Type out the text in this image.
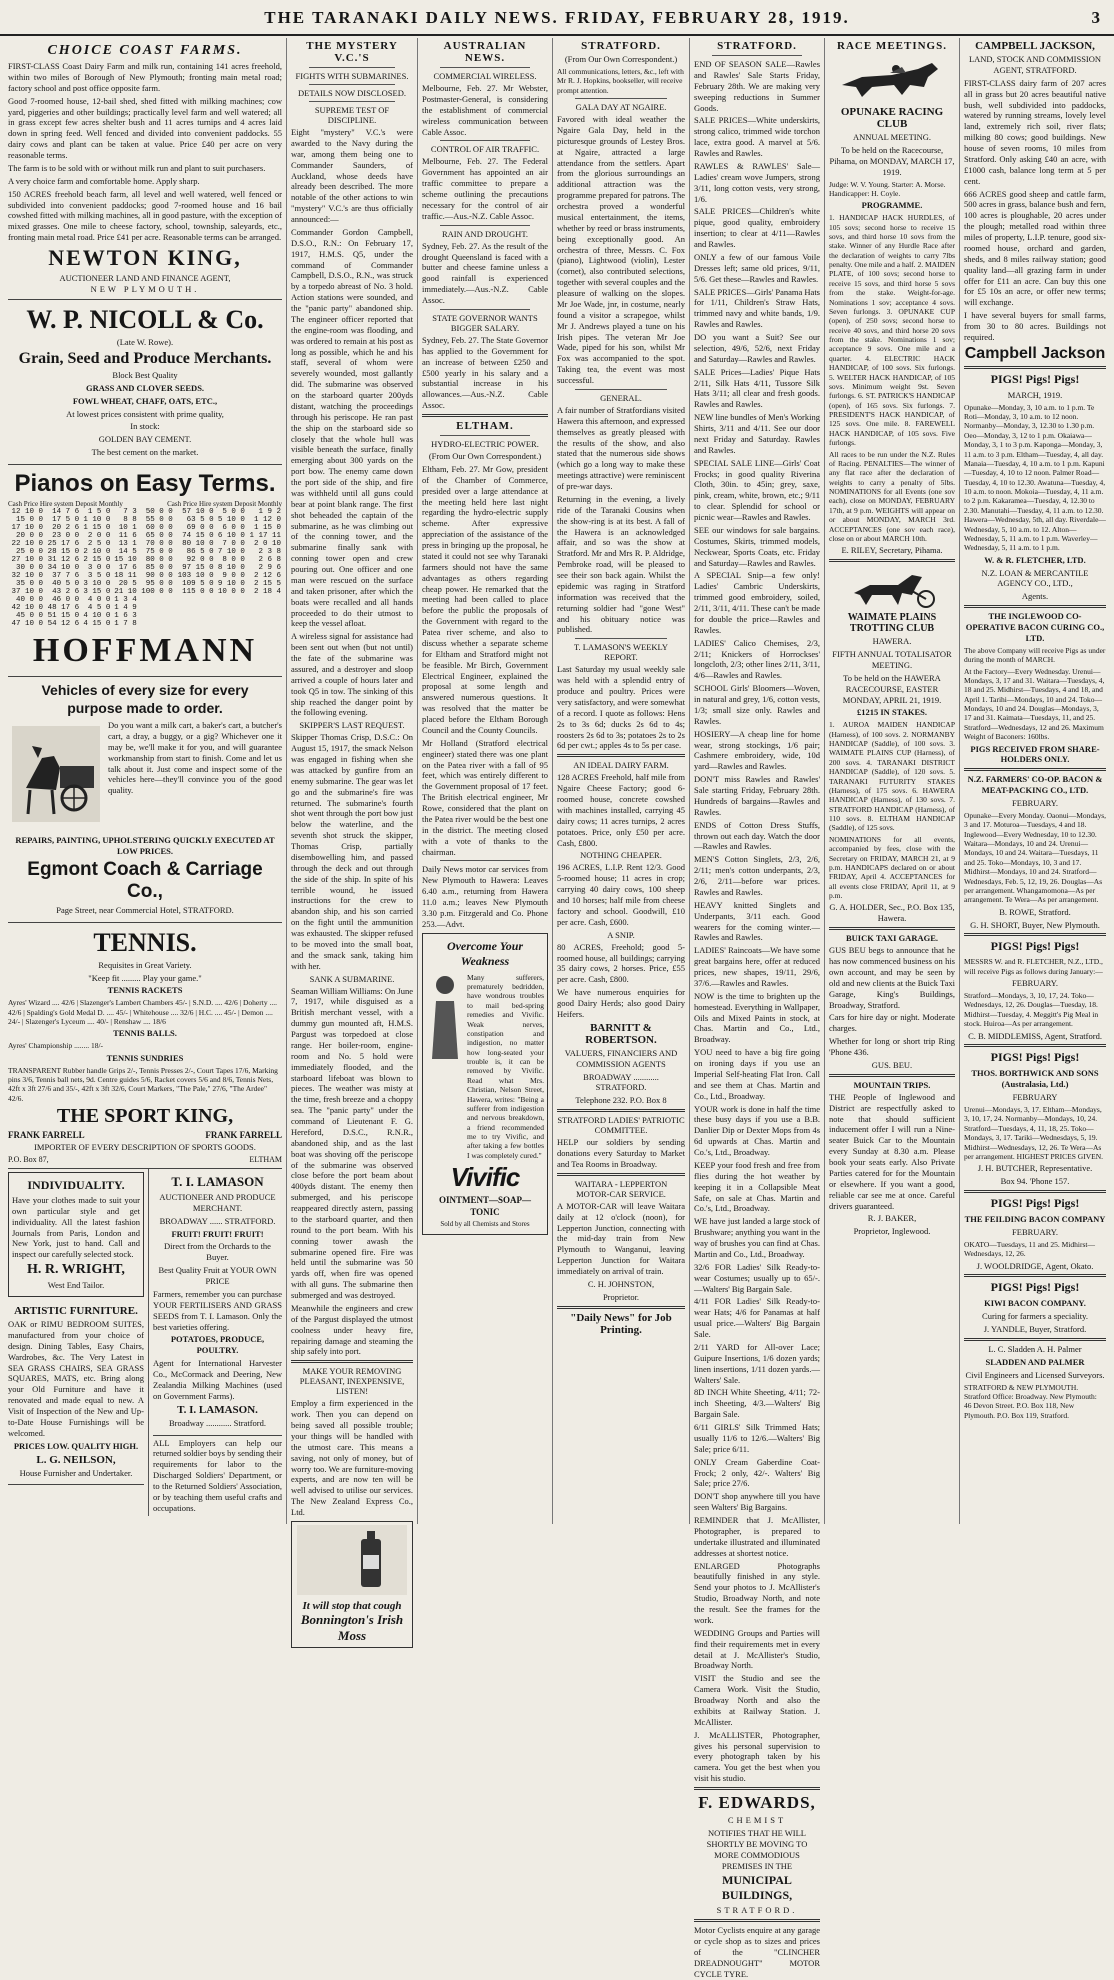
THE TARANAKI DAILY NEWS. FRIDAY, FEBRUARY 28, 1919.	3
CHOICE COAST FARMS.

FIRST-CLASS Coast Dairy Farm and milk run, containing 141 acres freehold, within two miles of Borough of New Plymouth; fronting main metal road; factory school and post office opposite farm.

Good 7-roomed house, 12-bail shed, shed fitted with milking machines; cow yard, piggeries and other buildings; practically level farm and well watered; all in grass except few acres shelter bush and 11 acres turnips and 4 acres laid down in spring feed. Well fenced and divided into convenient paddocks. 55 dairy cows and plant can be taken at value. Price £40 per acre on very reasonable terms.

The farm is to be sold with or without milk run and plant to suit purchasers.

A very choice farm and comfortable home. Apply sharp.

150 ACRES freehold beach farm, all level and well watered, well fenced or subdivided into convenient paddocks; good 7-roomed house and 16 bail cowshed fitted with milking machines, all in good pasture, with the exception of mixed grasses. One mile to cheese factory, school, township, saleyards, etc., fronting main metal road. Price £41 per acre. Reasonable terms can be arranged.

NEWTON KING,
AUCTIONEER LAND AND FINANCE AGENT,
NEW PLYMOUTH.
W. P. NICOLL & Co.
(Late W. Rowe).
Grain, Seed and Produce Merchants.
Block Best Quality
GRASS AND CLOVER SEEDS.
FOWL WHEAT, CHAFF, OATS, ETC.,
At lowest prices consistent with prime quality,
In stock:
GOLDEN BAY CEMENT.
The best cement on the market.
Pianos on Easy Terms.
Cash Price Hire system Deposit Monthly	Cash Price Hire system Deposit Monthly
12 10 0	14 7 6	1 5 0	7 3	50 0 0	57 10 0	5 0 0	1 9 2
15 0 0	17 5 0	1 10 0	8 8	55 0 0	63 5 0	5 10 0	1 12 0
17 10 0	20 2 6	1 15 0	10 1	60 0 0	69 0 0	6 0 0	1 15 0
20 0 0	23 0 0	2 0 0	11 6	65 0 0	74 15 0	6 10 0	1 17 11
22 10 0	25 17 6	2 5 0	13 1	70 0 0	80 10 0	7 0 0	2 0 10
25 0 0	28 15 0	2 10 0	14 5	75 0 0	86 5 0	7 10 0	2 3 8
27 10 0	31 12 6	2 15 0	15 10	80 0 0	92 0 0	8 0 0	2 6 8
30 0 0	34 10 0	3 0 0	17 6	85 0 0	97 15 0	8 10 0	2 9 6
32 10 0	37 7 6	3 5 0	18 11	90 0 0	103 10 0	9 0 0	2 12 6
35 0 0	40 5 0	3 10 0	20 5	95 0 0	109 5 0	9 10 0	2 15 5
37 10 0	43 2 6	3 15 0	21 10	100 0 0	115 0 0	10 0 0	2 18 4
40 0 0	46 0 0	4 0 0	1 3 4				
42 10 0	48 17 6	4 5 0	1 4 9				
45 0 0	51 15 0	4 10 0	1 6 3				
47 10 0	54 12 6	4 15 0	1 7 8				
HOFFMANN
Vehicles of every size for every
purpose made to order.

Do you want a milk cart, a baker's cart, a butcher's cart, a dray, a buggy, or a gig? Whichever one it may be, we'll make it for you, and will guarantee workmanship from start to finish. Come and let us talk about it. Just come and inspect some of the vehicles here—they'll convince you of the good quality.

REPAIRS, PAINTING, UPHOLSTERING QUICKLY EXECUTED AT LOW PRICES.
Egmont Coach & Carriage Co.,
Page Street, near Commercial Hotel, STRATFORD.
TENNIS.
Requisites in Great Variety.
"Keep fit ......... Play your game."
TENNIS RACKETS

Ayres' Wizard .... 42/6 | Slazenger's Lambert Chambers 45/- | S.N.D. .... 42/6 | Doherty .... 42/6 | Spalding's Gold Medal D. .... 45/- | Whitehouse .... 32/6 | H.C. .... 45/- | Demon .... 24/- | Slazenger's Lyceum .... 40/- | Renshaw .... 18/6

TENNIS BALLS.

Ayres' Championship ........ 18/-

TENNIS SUNDRIES

TRANSPARENT Rubber handle Grips 2/-, Tennis Presses 2/-, Court Tapes 17/6, Marking pins 3/6, Tennis ball nets, 9d. Centre guides 5/6, Racket covers 5/6 and 8/6, Tennis Nets, 42ft x 3ft 27/6 and 35/-, 42ft x 3ft 32/6, Court Markers, "The Pale," 27/6, "The Ardee" 42/6.

THE SPORT KING,
FRANK FARRELL	FRANK FARRELL
IMPORTER OF EVERY DESCRIPTION OF SPORTS GOODS.
P.O. Box 87,	ELTHAM
INDIVIDUALITY.

Have your clothes made to suit your own particular style and get individuality. All the latest fashion Journals from Paris, London and New York, just to hand. Call and inspect our carefully selected stock.

H. R. WRIGHT,
West End Tailor.
ARTISTIC FURNITURE.

OAK or RIMU BEDROOM SUITES, manufactured from your choice of design. Dining Tables, Easy Chairs, Wardrobes, &c. The Very Latest in SEA GRASS CHAIRS, SEA GRASS SQUARES, MATS, etc. Bring along your Old Furniture and have it renovated and made equal to new. A Visit of Inspection of the New and Up-to-Date House Furnishings will be welcomed.

PRICES LOW. QUALITY HIGH.
L. G. NEILSON,
House Furnisher and Undertaker.
T. I. LAMASON
AUCTIONEER AND PRODUCE MERCHANT.
BROADWAY ...... STRATFORD.
FRUIT! FRUIT! FRUIT!
Direct from the Orchards to the Buyer.
Best Quality Fruit at YOUR OWN PRICE

Farmers, remember you can purchase YOUR FERTILISERS AND GRASS SEEDS from T. I. Lamason. Only the best varieties offering.

POTATOES, PRODUCE, POULTRY.

Agent for International Harvester Co., McCormack and Deering, New Zealandia Milking Machines (used on Government Farms).

T. I. LAMASON.
Broadway ............ Stratford.

ALL Employers can help our returned soldier boys by sending their requirements for labor to the Discharged Soldiers' Department, or to the Returned Soldiers' Association, or by teaching them useful crafts and occupations.

THE MYSTERY V.C.'S
FIGHTS WITH SUBMARINES.
DETAILS NOW DISCLOSED.
SUPREME TEST OF DISCIPLINE.

Eight "mystery" V.C.'s were awarded to the Navy during the war, among them being one to Commander Saunders, of Auckland, whose deeds have already been described. The more notable of the other actions to win "mystery" V.C.'s are thus officially announced:—

Commander Gordon Campbell, D.S.O., R.N.: On February 17, 1917, H.M.S. Q5, under the command of Commander Campbell, D.S.O., R.N., was struck by a torpedo abreast of No. 3 hold. Action stations were sounded, and the "panic party" abandoned ship. The engineer officer reported that the engine-room was flooding, and was ordered to remain at his post as long as possible, which he and his staff, several of whom were severely wounded, most gallantly did. The submarine was observed on the starboard quarter 200yds distant, watching the proceedings through his periscope. He ran past the ship on the starboard side so closely that the whole hull was visible beneath the surface, finally emerging about 300 yards on the port bow. The enemy came down the port side of the ship, and fire was withheld until all guns could bear at point blank range. The first shot beheaded the captain of the submarine, as he was climbing out of the conning tower, and the submarine finally sank with conning tower open and crew pouring out. One officer and one man were rescued on the surface and taken prisoner, after which the boats were recalled and all hands proceeded to do their utmost to keep the vessel afloat.

A wireless signal for assistance had been sent out when (but not until) the fate of the submarine was assured, and a destroyer and sloop arrived a couple of hours later and took Q5 in tow. The sinking of this ship reached the danger point by the following evening.

SKIPPER'S LAST REQUEST.

Skipper Thomas Crisp, D.S.C.: On August 15, 1917, the smack Nelson was engaged in fishing when she was attacked by gunfire from an enemy submarine. The gear was let go and the submarine's fire was returned. The submarine's fourth shot went through the port bow just below the waterline, and the seventh shot struck the skipper, Thomas Crisp, partially disembowelling him, and passed through the deck and out through the side of the ship. In spite of his terrible wound, he issued instructions for the crew to abandon ship, and his son carried on the fight until the ammunition was exhausted. The skipper refused to be moved into the small boat, and the smack sank, taking him with her.

SANK A SUBMARINE.

Seaman William Williams: On June 7, 1917, while disguised as a British merchant vessel, with a dummy gun mounted aft, H.M.S. Pargust was torpedoed at close range. Her boiler-room, engine-room and No. 5 hold were immediately flooded, and the starboard lifeboat was blown to pieces. The weather was misty at the time, fresh breeze and a choppy sea. The "panic party" under the command of Lieutenant F. G. Hereford, D.S.C., R.N.R., abandoned ship, and as the last boat was shoving off the periscope of the submarine was observed close before the port beam about 400yds distant. The enemy then submerged, and his periscope reappeared directly astern, passing to the starboard quarter, and then round to the port beam. With his conning tower awash the submarine opened fire. Fire was held until the submarine was 50 yards off, when fire was opened with all guns. The submarine then submerged and was destroyed.

Meanwhile the engineers and crew of the Pargust displayed the utmost coolness under heavy fire, repairing damage and steaming the ship safely into port.

MAKE YOUR REMOVING PLEASANT, INEXPENSIVE, LISTEN!

Employ a firm experienced in the work. Then you can depend on being saved all possible trouble; your things will be handled with the utmost care. This means a saving, not only of money, but of worry too. We are furniture-moving experts, and are now ten will be well advised to utilise our services. The New Zealand Express Co., Ltd.

It will stop that cough
Bonnington's Irish Moss
AUSTRALIAN NEWS.
COMMERCIAL WIRELESS.

Melbourne, Feb. 27. Mr Webster, Postmaster-General, is considering the establishment of commercial wireless communication between Cable Assoc.

CONTROL OF AIR TRAFFIC.

Melbourne, Feb. 27. The Federal Government has appointed an air traffic committee to prepare a scheme outlining the precautions necessary for the control of air traffic.—Aus.-N.Z. Cable Assoc.

RAIN AND DROUGHT.

Sydney, Feb. 27. As the result of the drought Queensland is faced with a butter and cheese famine unless a good rainfall is experienced immediately.—Aus.-N.Z. Cable Assoc.

STATE GOVERNOR WANTS BIGGER SALARY.

Sydney, Feb. 27. The State Governor has applied to the Government for an increase of between £250 and £500 yearly in his salary and a substantial increase in his allowances.—Aus.-N.Z. Cable Assoc.

ELTHAM.
HYDRO-ELECTRIC POWER.
(From Our Own Correspondent.)

Eltham, Feb. 27. Mr Gow, president of the Chamber of Commerce, presided over a large attendance at the meeting held here last night regarding the hydro-electric supply scheme. After expressive appreciation of the assistance of the press in bringing up the proposal, he stated it could not see why Taranaki farmers should not have the same advantages as others regarding cheap power. He remarked that the meeting had been called to place before the public the proposals of the Government with regard to the Patea river scheme, and also to discuss whether a separate scheme for Eltham and Stratford might not be feasible. Mr Birch, Government Electrical Engineer, explained the proposal at some length and answered numerous questions. It was resolved that the matter be placed before the Eltham Borough Council and the County Councils.

Mr Holland (Stratford electrical engineer) stated there was one plant on the Patea river with a fall of 95 feet, which was entirely different to the Government proposal of 17 feet. The British electrical engineer, Mr Rowe, considered that the plant on the Patea river would be the best one in the district. The meeting closed with a vote of thanks to the chairman.

Daily News motor car services from New Plymouth to Hawera: Leaves 6.40 a.m., returning from Hawera 11.0 a.m.; leaves New Plymouth 3.30 p.m. Fitzgerald and Co. Phone 253.—Advt.

Overcome Your Weakness

Many sufferers, prematurely bedridden, have wondrous troubles to mail bed-spring remedies and Vivific. Weak nerves, constipation and indigestion, no matter how long-seated your trouble is, it can be removed by Vivific. Read what Mrs. Christian, Nelson Street, Hawera, writes: "Being a sufferer from indigestion and nervous breakdown, a friend recommended me to try Vivific, and after taking a few bottles I was completely cured."

Vivific
OINTMENT—SOAP—TONIC
Sold by all Chemists and Stores
STRATFORD.
(From Our Own Correspondent.)

All communications, letters, &c., left with Mr R. J. Hopkins, bookseller, will receive prompt attention.

GALA DAY AT NGAIRE.

Favored with ideal weather the Ngaire Gala Day, held in the picturesque grounds of Lestey Bros. at Ngaire, attracted a large attendance from the settlers. Apart from the glorious surroundings an additional attraction was the programme prepared for patrons. The orchestra proved a wonderful musical entertainment, the items, whether by reed or brass instruments, being exceptionally good. An orchestra of three, Messrs. C. Fox (piano), Lightwood (violin), Lester (cornet), also contributed selections, together with several couples and the pleasure of walking on the slopes. Mr Joe Wade, jnr, in costume, nearly found a visitor a scrapegoe, whilst Mr J. Andrews played a tune on his Irish pipes. The veteran Mr Joe Wade, piped for his son, whilst Mr Fox was accompanied to the spot. Taking tea, the event was most successful.

GENERAL.

A fair number of Stratfordians visited Hawera this afternoon, and expressed themselves as greatly pleased with the results of the show, and also stated that the numerous side shows (which go a long way to make these meetings attractive) were reminiscent of pre-war days.

Returning in the evening, a lively ride of the Taranaki Cousins when the show-ring is at its best. A fall of the Hawera is an acknowledged affair, and so was the show at Stratford. Mr and Mrs R. P. Aldridge, Pembroke road, will be pleased to see their son back again. Whilst the epidemic was raging in Stratford information was received that the returning soldier had "gone West" and his obituary notice was published.

T. LAMASON'S WEEKLY REPORT.

Last Saturday my usual weekly sale was held with a splendid entry of produce and poultry. Prices were very satisfactory, and were somewhat of a record. I quote as follows: Hens 2s to 3s 6d; ducks 2s 6d to 4s; roosters 2s 6d to 3s; potatoes 2s to 2s 6d per cwt.; apples 4s to 5s per case.

AN IDEAL DAIRY FARM.

128 ACRES Freehold, half mile from Ngaire Cheese Factory; good 6-roomed house, concrete cowshed with machines installed, carrying 45 dairy cows; 11 acres turnips, 2 acres potatoes. Price, only £50 per acre. Cash, £800.

NOTHING CHEAPER.

196 ACRES, L.I.P. Rent 12/3. Good 5-roomed house; 11 acres in crop; carrying 40 dairy cows, 100 sheep and 10 horses; half mile from cheese factory and school. Goodwill, £10 per acre. Cash, £600.

A SNIP.

80 ACRES, Freehold; good 5-roomed house, all buildings; carrying 35 dairy cows, 2 horses. Price, £55 per acre. Cash, £800.

We have numerous enquiries for good Dairy Herds; also good Dairy Heifers.

BARNITT & ROBERTSON.
VALUERS, FINANCIERS AND COMMISSION AGENTS
BROADWAY ............ STRATFORD.
Telephone 232. P.O. Box 8
STRATFORD LADIES' PATRIOTIC COMMITTEE.

HELP our soldiers by sending donations every Saturday to Market and Tea Rooms in Broadway.

WAITARA - LEPPERTON MOTOR-CAR SERVICE.

A MOTOR-CAR will leave Waitara daily at 12 o'clock (noon), for Lepperton Junction, connecting with the mid-day train from New Plymouth to Wanganui, leaving Lepperton Junction for Waitara immediately on arrival of train.

C. H. JOHNSTON,
Proprietor.
"Daily News" for Job Printing.
STRATFORD.

END OF SEASON SALE—Rawles and Rawles' Sale Starts Friday, February 28th. We are making very sweeping reductions in Summer Goods.

SALE PRICES—White underskirts, strong calico, trimmed wide torchon lace, extra good. A marvel at 5/6. Rawles and Rawles.

RAWLES & RAWLES' Sale—Ladies' cream wove Jumpers, strong 3/11, long cotton vests, very strong, 1/6.

SALE PRICES—Children's white pique, good quality, embroidery insertion; to clear at 4/11—Rawles and Rawles.

ONLY a few of our famous Voile Dresses left; same old prices, 9/11, 5/6. Get these—Rawles and Rawles.

SALE PRICES—Girls' Panama Hats for 1/11, Children's Straw Hats, trimmed navy and white bands, 1/9. Rawles and Rawles.

DO you want a Suit? See our selection, 49/6, 52/6, next Friday and Saturday—Rawles and Rawles.

SALE Prices—Ladies' Pique Hats 2/11, Silk Hats 4/11, Tussore Silk Hats 3/11; all clear and fresh goods. Rawles and Rawles.

NEW line bundles of Men's Working Shirts, 3/11 and 4/11. See our door next Friday and Saturday. Rawles and Rawles.

SPECIAL SALE LINE—Girls' Coat Frocks; in good quality Riverina Cloth, 30in. to 45in; grey, saxe, pink, cream, white, brown, etc.; 9/11 to clear. Splendid for school or picnic wear—Rawles and Rawles.

SEE our windows for sale bargains. Costumes, Skirts, trimmed models, Neckwear, Sports Coats, etc. Friday and Saturday—Rawles and Rawles.

A SPECIAL Snip—a few only! Ladies' Cambric Underskirts, trimmed good embroidery, soiled, 2/11, 3/11, 4/11. These can't be made for double the price—Rawles and Rawles.

LADIES' Calico Chemises, 2/3, 2/11; Knickers of Horrockses' longcloth, 2/3; other lines 2/11, 3/11, 4/6—Rawles and Rawles.

SCHOOL Girls' Bloomers—Woven, in natural and grey, 1/6, cotton vests, 1/3; small size only. Rawles and Rawles.

HOSIERY—A cheap line for home wear, strong stockings, 1/6 pair; Cashmere embroidery, wide, 10d yard—Rawles and Rawles.

DON'T miss Rawles and Rawles' Sale starting Friday, February 28th. Hundreds of bargains—Rawles and Rawles.

ENDS of Cotton Dress Stuffs, thrown out each day. Watch the door—Rawles and Rawles.

MEN'S Cotton Singlets, 2/3, 2/6, 2/11; men's cotton underpants, 2/3, 2/6, 2/11—before war prices. Rawles and Rawles.

HEAVY knitted Singlets and Underpants, 3/11 each. Good wearers for the coming winter.—Rawles and Rawles.

LADIES' Raincoats—We have some great bargains here, offer at reduced prices, new shapes, 19/11, 29/6, 37/6.—Rawles and Rawles.

NOW is the time to brighten up the homestead. Everything in Wallpaper, Oils and Mixed Paints in stock, at Chas. Martin and Co., Ltd., Broadway.

YOU need to have a big fire going on ironing days if you use an Imperial Self-heating Flat Iron. Call and see them at Chas. Martin and Co., Ltd., Broadway.

YOUR work is done in half the time these busy days if you use a B.B. Danlier Dip or Dexter Mops from 4s 6d upwards at Chas. Martin and Co.'s, Ltd., Broadway.

KEEP your food fresh and free from flies during the hot weather by keeping it in a Collapsible Meat Safe, on sale at Chas. Martin and Co.'s, Ltd., Broadway.

WE have just landed a large stock of Brushware; anything you want in the way of brushes you can find at Chas. Martin and Co., Ltd., Broadway.

32/6 FOR Ladies' Silk Ready-to-wear Costumes; usually up to 65/-.—Walters' Big Bargain Sale.

4/11 FOR Ladies' Silk Ready-to-wear Hats; 4/6 for Panamas at half usual price.—Walters' Big Bargain Sale.

2/11 YARD for All-over Lace; Guipure Insertions, 1/6 dozen yards; linen insertions, 1/11 dozen yards.—Walters' Sale.

8D INCH White Sheeting, 4/11; 72-inch Sheeting, 4/3.—Walters' Big Bargain Sale.

6/11 GIRLS' Silk Trimmed Hats; usually 11/6 to 12/6.—Walters' Big Sale; price 6/11.

ONLY Cream Gaberdine Coat-Frock; 2 only, 42/-. Walters' Big Sale; price 27/6.

DON'T shop anywhere till you have seen Walters' Big Bargains.

REMINDER that J. McAllister, Photographer, is prepared to undertake illustrated and illuminated addresses at shortest notice.

ENLARGED Photographs beautifully finished in any style. Send your photos to J. McAllister's Studio, Broadway North, and note the result. See the frames for the work.

WEDDING Groups and Parties will find their requirements met in every detail at J. McAllister's Studio, Broadway North.

VISIT the Studio and see the Camera Work. Visit the Studio, Broadway North and also the exhibits at Railway Station. J. McAllister.

J. McALLISTER, Photographer, gives his personal supervision to every photograph taken by his camera. You get the best when you visit his studio.

F. EDWARDS,
CHEMIST
NOTIFIES THAT HE WILL SHORTLY BE MOVING TO MORE COMMODIOUS PREMISES IN THE
MUNICIPAL BUILDINGS,
STRATFORD.

Motor Cyclists enquire at any garage or cycle shop as to sizes and prices of the "CLINCHER DREADNOUGHT" MOTOR CYCLE TYRE.

RACE MEETINGS.
OPUNAKE RACING CLUB
ANNUAL MEETING.
To be held on the Racecourse, Pihama, on MONDAY, MARCH 17, 1919.

Judge: W. V. Young. Starter: A. Morse. Handicapper: H. Coyle.

PROGRAMME.

1. HANDICAP HACK HURDLES, of 105 sovs; second horse to receive 15 sovs, and third horse 10 sovs from the stake. Winner of any Hurdle Race after the declaration of weights to carry 7lbs penalty. One mile and a half. 2. MAIDEN PLATE, of 100 sovs; second horse to receive 15 sovs, and third horse 5 sovs from the stake. Weight-for-age. Nominations 1 sov; acceptance 4 sovs. Seven furlongs. 3. OPUNAKE CUP (open), of 250 sovs; second horse to receive 40 sovs, and third horse 20 sovs from the stake. Nominations 1 sov; acceptance 9 sovs. One mile and a quarter. 4. ELECTRIC HACK HANDICAP, of 100 sovs. Six furlongs. 5. WELTER HACK HANDICAP, of 105 sovs. Minimum weight 9st. Seven furlongs. 6. ST. PATRICK'S HANDICAP (open), of 165 sovs. Six furlongs. 7. PRESIDENT'S HACK HANDICAP, of 125 sovs. One mile. 8. FAREWELL HACK HANDICAP, of 105 sovs. Five furlongs.

All races to be run under the N.Z. Rules of Racing. PENALTIES—The winner of any flat race after the declaration of weights to carry a penalty of 5lbs. NOMINATIONS for all Events (one sov each), close on MONDAY, FEBRUARY 17th, at 9 p.m. WEIGHTS will appear on or about MONDAY, MARCH 3rd. ACCEPTANCES (one sov each race), close on or about MARCH 10th.

E. RILEY, Secretary, Pihama.
WAIMATE PLAINS TROTTING CLUB
HAWERA.
FIFTH ANNUAL TOTALISATOR MEETING.
To be held on the HAWERA RACECOURSE, EASTER MONDAY, APRIL 21, 1919.
£1215 IN STAKES.

1. AUROA MAIDEN HANDICAP (Harness), of 100 sovs. 2. NORMANBY HANDICAP (Saddle), of 100 sovs. 3. WAIMATE PLAINS CUP (Harness), of 200 sovs. 4. TARANAKI DISTRICT HANDICAP (Saddle), of 120 sovs. 5. TARANAKI FUTURITY STAKES (Harness), of 175 sovs. 6. HAWERA HANDICAP (Harness), of 130 sovs. 7. STRATFORD HANDICAP (Harness), of 110 sovs. 8. ELTHAM HANDICAP (Saddle), of 125 sovs.

NOMINATIONS for all events, accompanied by fees, close with the Secretary on FRIDAY, MARCH 21, at 9 p.m. HANDICAPS declared on or about FRIDAY, April 4. ACCEPTANCES for all events close FRIDAY, April 11, at 9 p.m.

G. A. HOLDER, Sec., P.O. Box 135, Hawera.
BUICK TAXI GARAGE.

GUS BEU begs to announce that he has now commenced business on his own account, and may be seen by old and new clients at the Buick Taxi Garage, King's Buildings, Broadway, Stratford.

Cars for hire day or night. Moderate charges.

Whether for long or short trip Ring 'Phone 436.

GUS. BEU.
MOUNTAIN TRIPS.

THE People of Inglewood and District are respectfully asked to note that should sufficient inducement offer I will run a Nine-seater Buick Car to the Mountain every Sunday at 8.30 a.m. Please book your seats early. Also Private Parties catered for for the Mountain or elsewhere. If you want a good, reliable car see me at once. Careful drivers guaranteed.

R. J. BAKER,
Proprietor, Inglewood.
CAMPBELL JACKSON,
LAND, STOCK AND COMMISSION AGENT, STRATFORD.

FIRST-CLASS dairy farm of 207 acres all in grass but 20 acres beautiful native bush, well subdivided into paddocks, watered by running streams, lovely level land, extremely rich soil, river flats; milking 80 cows; good buildings. New house of seven rooms, 10 miles from Stratford. Only asking £40 an acre, with £1000 cash, balance long term at 5 per cent.

666 ACRES good sheep and cattle farm, 500 acres in grass, balance bush and fern, 100 acres is ploughable, 20 acres under the plough; metalled road within three miles of property, L.I.P. tenure, good six-roomed house, orchard and garden, sheds, and 8 miles railway station; good quality land—all grazing farm in under offer for £11 an acre. Can buy this one for £5 10s an acre, or offer new terms; will exchange.

I have several buyers for small farms, from 30 to 80 acres. Buildings not required.

Campbell Jackson
PIGS! Pigs! Pigs!
MARCH, 1919.

Opunake—Monday, 3, 10 a.m. to 1 p.m. Te Roti—Monday, 3, 10 a.m. to 12 noon. Normanby—Monday, 3, 12.30 to 1.30 p.m. Oeo—Monday, 3, 12 to 1 p.m. Okaiawa—Monday, 3, 1 to 3 p.m. Kaponga—Monday, 3, 11 a.m. to 3 p.m. Eltham—Tuesday, 4, all day. Manaia—Tuesday, 4, 10 a.m. to 1 p.m. Kapuni—Tuesday, 4, 10 to 12 noon. Palmer Road—Tuesday, 4, 10 to 12.30. Awatuna—Tuesday, 4, 10 a.m. to noon. Mokoia—Tuesday, 4, 11 a.m. to 2 p.m. Kakaramea—Tuesday, 4, 12.30 to 2.30. Manutahi—Tuesday, 4, 11 a.m. to 12.30. Hawera—Wednesday, 5th, all day. Riverdale—Wednesday, 5, 10 a.m. to 12. Alton—Wednesday, 5, 11 a.m. to 1 p.m. Waverley—Wednesday, 5, 11 a.m. to 1 p.m.

W. & R. FLETCHER, LTD.
N.Z. LOAN & MERCANTILE AGENCY CO., LTD.,
Agents.
THE INGLEWOOD CO-OPERATIVE BACON CURING CO., LTD.

The above Company will receive Pigs as under during the month of MARCH.

At the Factory—Every Wednesday. Urenui—Mondays, 3, 17 and 31. Waitara—Tuesdays, 4, 18 and 25. Midhirst—Tuesdays, 4 and 18, and April 1. Tarihi—Mondays, 10 and 24. Toko—Mondays, 10 and 24. Douglas—Mondays, 3, 17 and 31. Kaimata—Tuesdays, 11, and 25. Stratford—Wednesdays, 12 and 26. Maximum Weight of Baconers: 160lbs.

PIGS RECEIVED FROM SHARE-HOLDERS ONLY.
N.Z. FARMERS' CO-OP. BACON & MEAT-PACKING CO., LTD.
FEBRUARY.

Opunake—Every Monday. Oaonui—Mondays, 3 and 17. Moturoa—Tuesdays, 4 and 18. Inglewood—Every Wednesday, 10 to 12.30. Waitara—Mondays, 10 and 24. Urenui—Mondays, 10 and 24. Waitara—Tuesdays, 11 and 25. Toko—Mondays, 10, 3 and 17. Midhirst—Mondays, 10 and 24. Stratford—Wednesdays, Feb. 5, 12, 19, 26. Douglas—As per arrangement. Whangamomona—As per arrangement. Te Wera—As per arrangement.

B. ROWE, Stratford.
G. H. SHORT, Buyer, New Plymouth.
PIGS! Pigs! Pigs!

MESSRS W. and R. FLETCHER, N.Z., LTD., will receive Pigs as follows during January:—

FEBRUARY.

Stratford—Mondays, 3, 10, 17, 24. Toko—Wednesdays, 12, 26. Douglas—Tuesday, 18. Midhirst—Tuesday, 4. Meggitt's Pig Meal in stock. Huiroa—As per arrangement.

C. B. MIDDLEMISS, Agent, Stratford.
PIGS! Pigs! Pigs!
THOS. BORTHWICK AND SONS (Australasia, Ltd.)
FEBRUARY

Urenui—Mondays, 3, 17. Eltham—Mondays, 3, 10, 17, 24. Normanby—Mondays, 10, 24. Stratford—Tuesdays, 4, 11, 18, 25. Toko—Mondays, 3, 17. Tariki—Wednesdays, 5, 19. Midhirst—Wednesdays, 12, 26. Te Wera—As per arrangement. HIGHEST PRICES GIVEN.

J. H. BUTCHER, Representative.
Box 94. 'Phone 157.
PIGS! Pigs! Pigs!
THE FEILDING BACON COMPANY
FEBRUARY.

OKATO—Tuesdays, 11 and 25. Midhirst—Wednesdays, 12, 26.

J. WOOLDRIDGE, Agent, Okato.
PIGS! Pigs! Pigs!
KIWI BACON COMPANY.
Curing for farmers a speciality.
J. YANDLE, Buyer, Stratford.
L. C. Sladden A. H. Palmer
SLADDEN AND PALMER
Civil Engineers and Licensed Surveyors.

STRATFORD & NEW PLYMOUTH. Stratford Office: Broadway. New Plymouth: 46 Devon Street. P.O. Box 118, New Plymouth. P.O. Box 119, Stratford.
